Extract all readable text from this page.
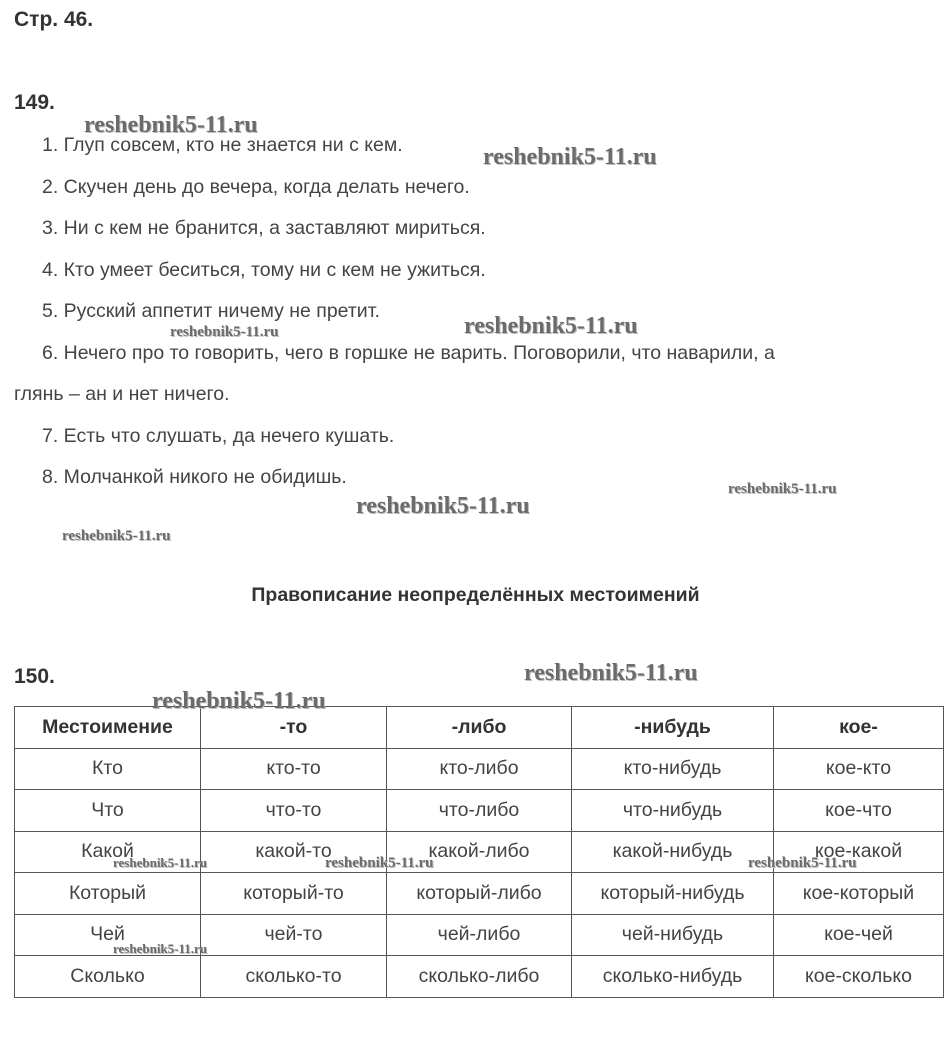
Стр. 46.
149.
1. Глуп совсем, кто не знается ни с кем.
2. Скучен день до вечера, когда делать нечего.
3. Ни с кем не бранится, а заставляют мириться.
4. Кто умеет беситься, тому ни с кем не ужиться.
5. Русский аппетит ничему не претит.
6. Нечего про то говорить, чего в горшке не варить. Поговорили, что наварили, а
глянь – ан и нет ничего.
7. Есть что слушать, да нечего кушать.
8. Молчанкой никого не обидишь.
Правописание неопределённых местоимений
150.
Местоимение	-то	-либо	-нибудь	кое-
Кто	кто-то	кто-либо	кто-нибудь	кое-кто
Что	что-то	что-либо	что-нибудь	кое-что
Какой	какой-то	какой-либо	какой-нибудь	кое-какой
Который	который-то	который-либо	который-нибудь	кое-который
Чей	чей-то	чей-либо	чей-нибудь	кое-чей
Сколько	сколько-то	сколько-либо	сколько-нибудь	кое-сколько
reshebnik5-11.ru
reshebnik5-11.ru
reshebnik5-11.ru
reshebnik5-11.ru
reshebnik5-11.ru
reshebnik5-11.ru
reshebnik5-11.ru
reshebnik5-11.ru
reshebnik5-11.ru
reshebnik5-11.ru	reshebnik5-11.ru	reshebnik5-11.ru
reshebnik5-11.ru
